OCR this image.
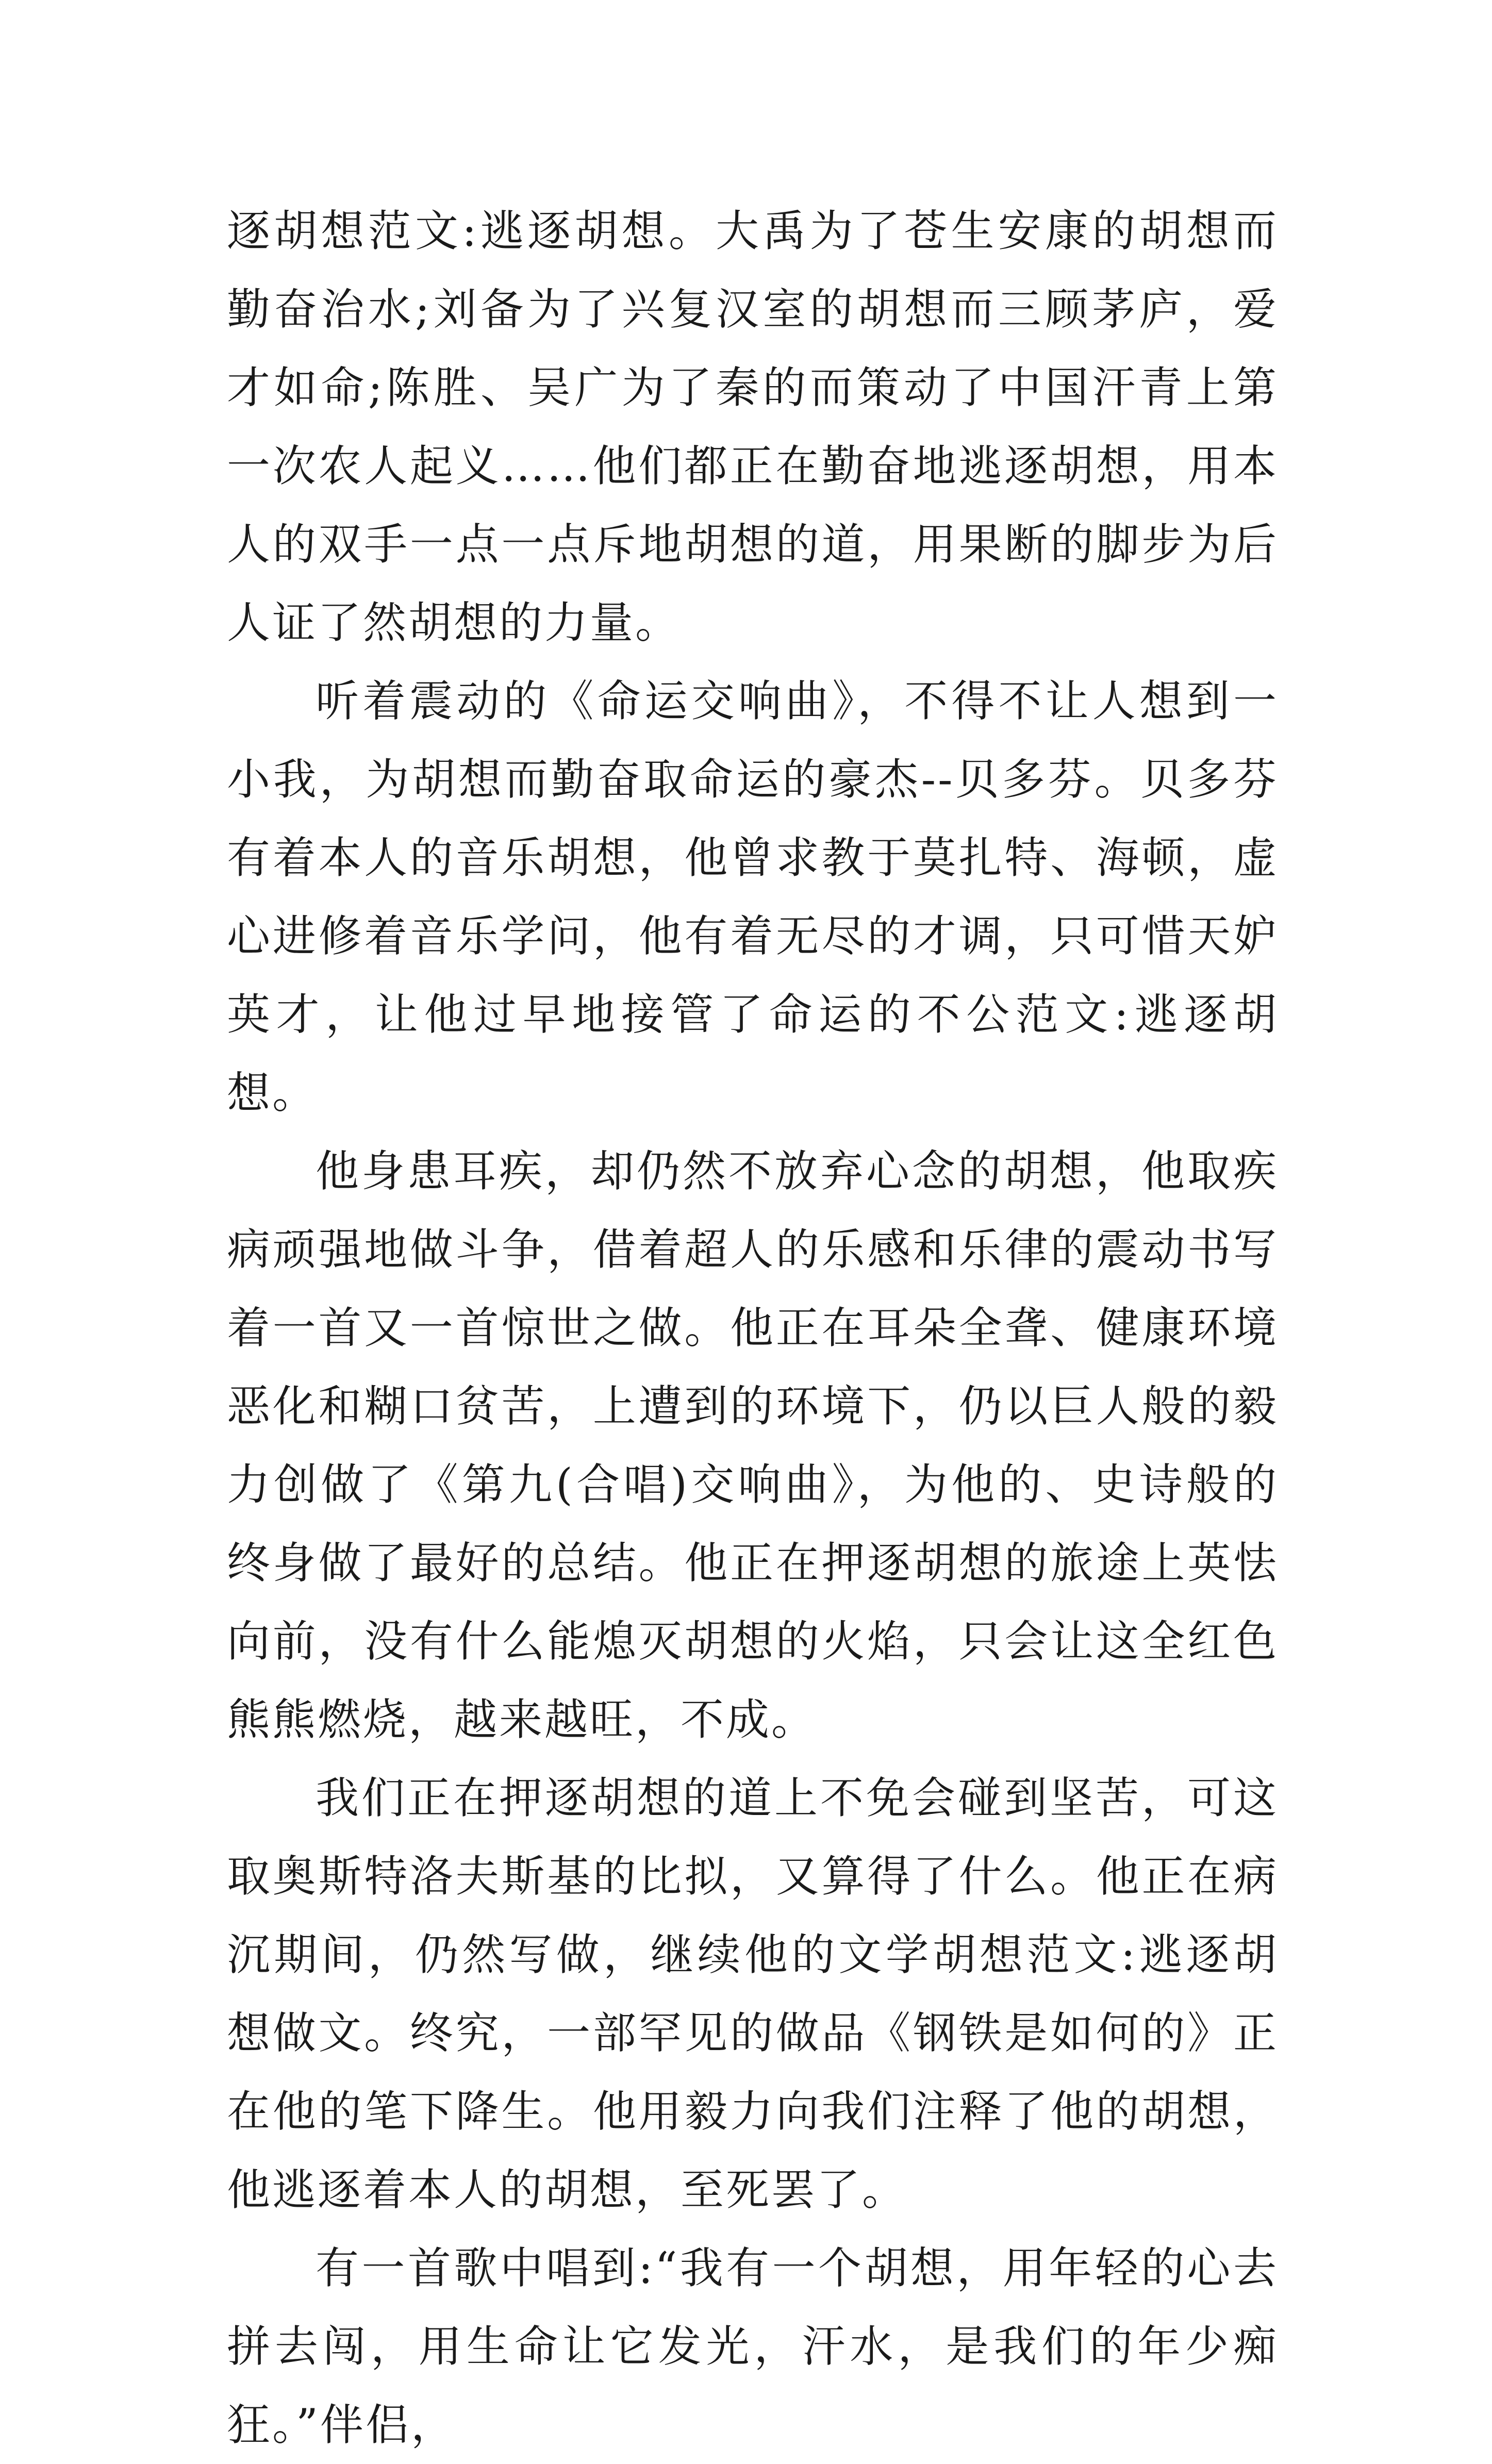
逐胡想范文:逃逐胡想。大禹为了苍生安康的胡想而勤奋治水;刘备为了兴复汉室的胡想而三顾茅庐，爱才如命;陈胜、吴广为了秦的而策动了中国汗青上第一次农人起义……他们都正在勤奋地逃逐胡想，用本人的双手一点一点斥地胡想的道，用果断的脚步为后人证了然胡想的力量。

听着震动的《命运交响曲》，不得不让人想到一小我，为胡想而勤奋取命运的豪杰--贝多芬。贝多芬有着本人的音乐胡想，他曾求教于莫扎特、海顿，虚心进修着音乐学问，他有着无尽的才调，只可惜天妒英才，让他过早地接管了命运的不公范文:逃逐胡想。

他身患耳疾，却仍然不放弃心念的胡想，他取疾病顽强地做斗争，借着超人的乐感和乐律的震动书写着一首又一首惊世之做。他正在耳朵全聋、健康环境恶化和糊口贫苦，上遭到的环境下，仍以巨人般的毅力创做了《第九(合唱)交响曲》，为他的、史诗般的终身做了最好的总结。他正在押逐胡想的旅途上英怯向前，没有什么能熄灭胡想的火焰，只会让这全红色熊熊燃烧，越来越旺，不成。

我们正在押逐胡想的道上不免会碰到坚苦，可这取奥斯特洛夫斯基的比拟，又算得了什么。他正在病沉期间，仍然写做，继续他的文学胡想范文:逃逐胡想做文。终究，一部罕见的做品《钢铁是如何的》正在他的笔下降生。他用毅力向我们注释了他的胡想，他逃逐着本人的胡想，至死罢了。

有一首歌中唱到:“我有一个胡想，用年轻的心去拼去闯，用生命让它发光，汗水，是我们的年少痴狂。”伴侣，
